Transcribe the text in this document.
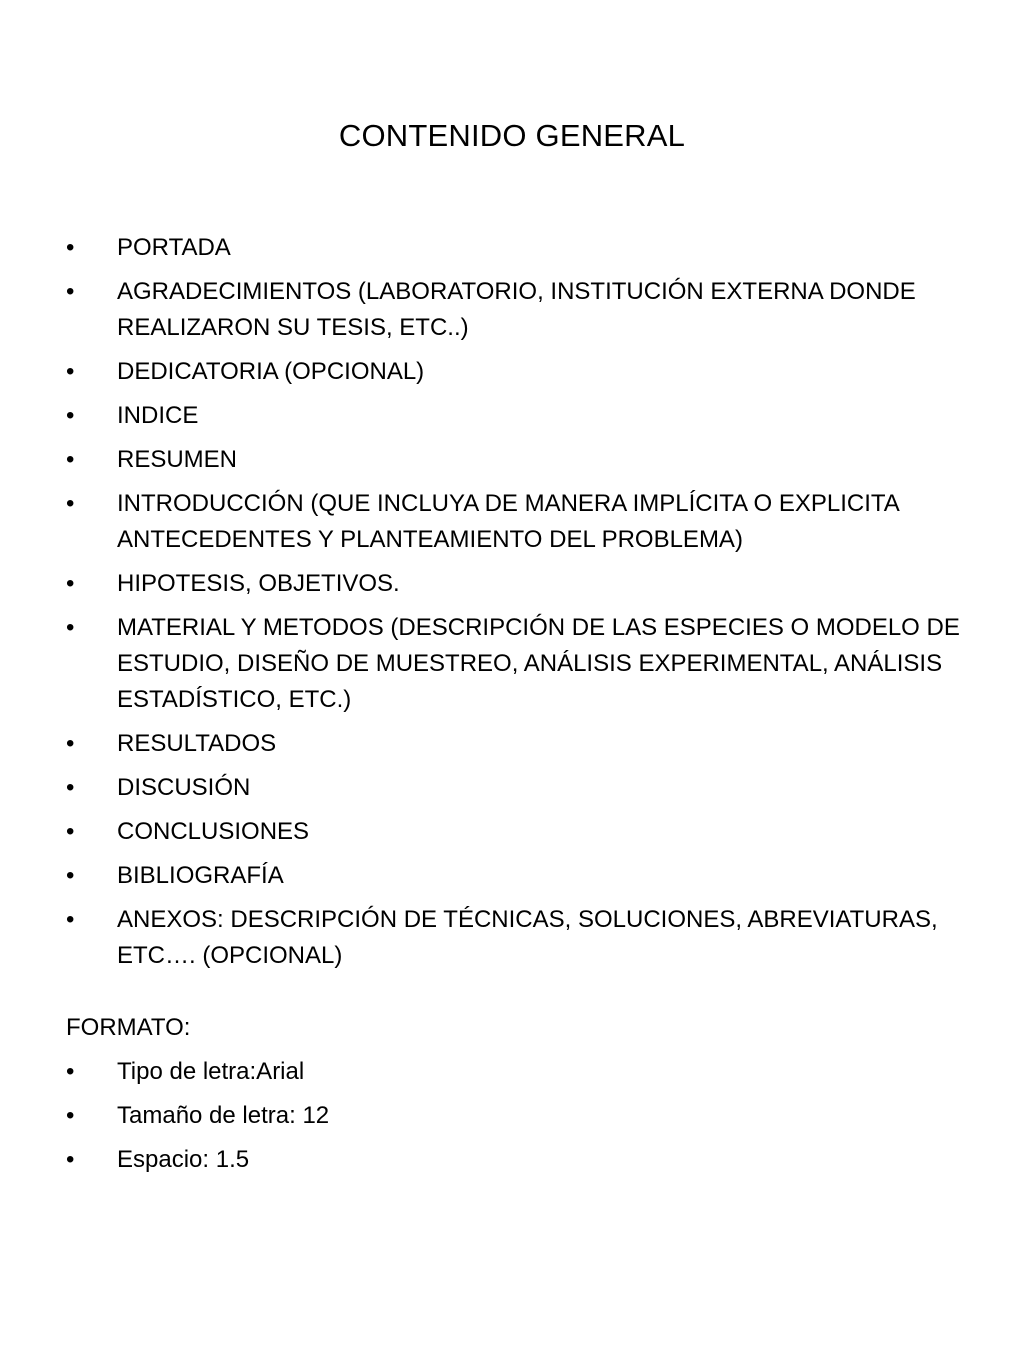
CONTENIDO GENERAL
•	PORTADA
•	AGRADECIMIENTOS (LABORATORIO, INSTITUCIÓN EXTERNA DONDE REALIZARON SU TESIS, ETC..)
•	DEDICATORIA (OPCIONAL)
•	INDICE
•	RESUMEN
•	INTRODUCCIÓN (QUE INCLUYA DE MANERA IMPLÍCITA O EXPLICITA ANTECEDENTES Y PLANTEAMIENTO DEL PROBLEMA)
•	HIPOTESIS, OBJETIVOS.
•	MATERIAL Y METODOS (DESCRIPCIÓN DE LAS ESPECIES O MODELO DE ESTUDIO, DISEÑO DE MUESTREO, ANÁLISIS EXPERIMENTAL, ANÁLISIS ESTADÍSTICO, ETC.)
•	RESULTADOS
•	DISCUSIÓN
•	CONCLUSIONES
•	BIBLIOGRAFÍA
•	ANEXOS: DESCRIPCIÓN DE TÉCNICAS, SOLUCIONES, ABREVIATURAS, ETC…. (OPCIONAL)
FORMATO:
•	Tipo de letra:Arial
•	Tamaño de letra: 12
•	Espacio: 1.5
